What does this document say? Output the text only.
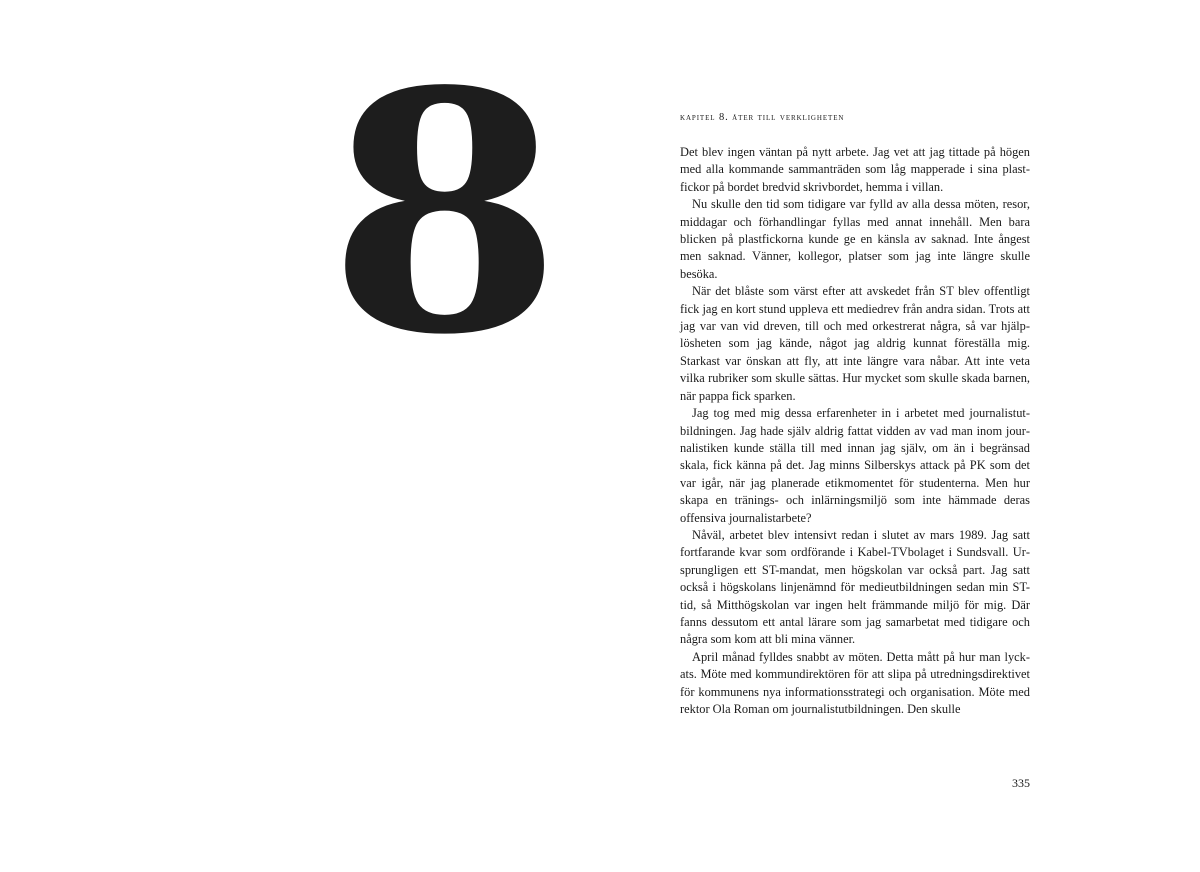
8	kapitel 8. åter till verkligheten

Det blev ingen väntan på nytt arbete. Jag vet att jag tittade på högen med alla kommande sammanträden som låg mapperade i sina plastfickor på bordet bredvid skrivbordet, hemma i villan.

Nu skulle den tid som tidigare var fylld av alla dessa möten, resor, middagar och förhandlingar fyllas med annat innehåll. Men bara blicken på plastfickorna kunde ge en känsla av saknad. Inte ångest men saknad. Vänner, kollegor, platser som jag inte längre skulle besöka.

När det blåste som värst efter att avskedet från ST blev offentligt fick jag en kort stund uppleva ett mediedrev från andra sidan. Trots att jag var van vid dreven, till och med orkestrerat några, så var hjälplösheten som jag kände, något jag aldrig kunnat föreställa mig. Starkast var önskan att fly, att inte längre vara nåbar. Att inte veta vilka rubriker som skulle sättas. Hur mycket som skulle skada barnen, när pappa fick sparken.

Jag tog med mig dessa erfarenheter in i arbetet med journalistutbildningen. Jag hade själv aldrig fattat vidden av vad man inom journalistiken kunde ställa till med innan jag själv, om än i begränsad skala, fick känna på det. Jag minns Silberskys attack på PK som det var igår, när jag planerade etikmomentet för studenterna. Men hur skapa en tränings- och inlärningsmiljö som inte hämmade deras offensiva journalistarbete?

Nåväl, arbetet blev intensivt redan i slutet av mars 1989. Jag satt fortfarande kvar som ordförande i Kabel-TVbolaget i Sundsvall. Ursprungligen ett ST-mandat, men högskolan var också part. Jag satt också i högskolans linjenämnd för medieutbildningen sedan min ST-tid, så Mitthögskolan var ingen helt främmande miljö för mig. Där fanns dessutom ett antal lärare som jag samarbetat med tidigare och några som kom att bli mina vänner.

April månad fylldes snabbt av möten. Detta mått på hur man lyckats. Möte med kommundirektören för att slipa på utredningsdirektivet för kommunens nya informationsstrategi och organisation. Möte med rektor Ola Roman om journalistutbildningen. Den skulle

335
